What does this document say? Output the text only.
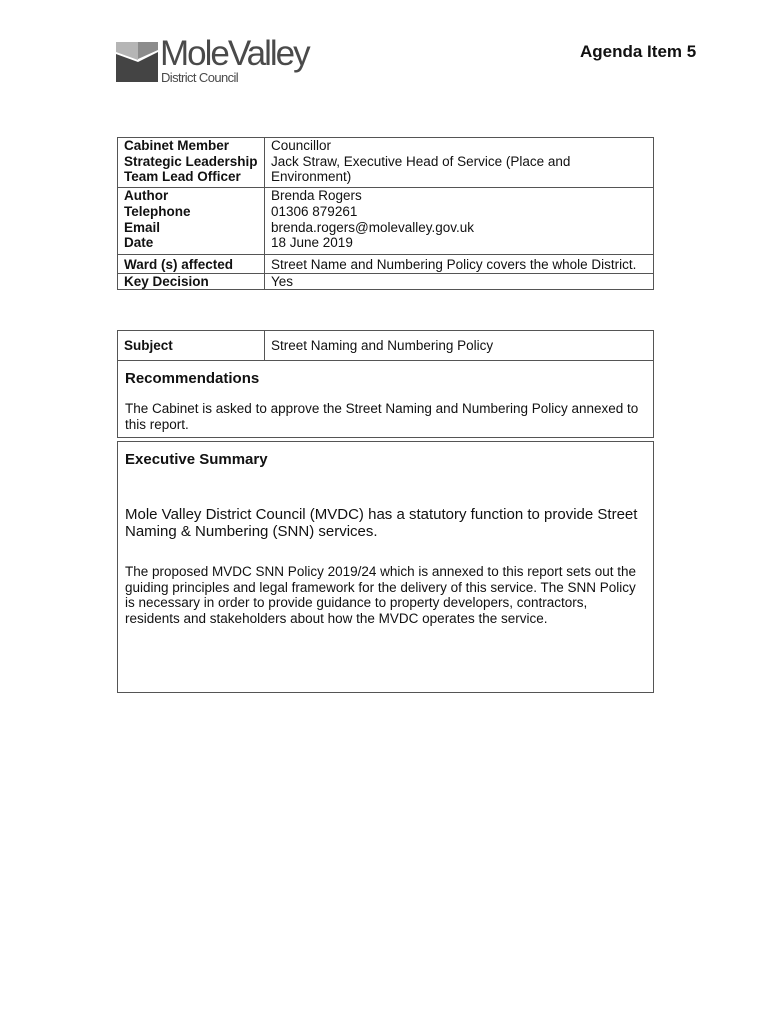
MoleValley
District Council
Agenda Item 5
Cabinet Member	Councillor
Strategic Leadership Team Lead Officer	Jack Straw, Executive Head of Service (Place and Environment)
Author	Brenda Rogers
Telephone	01306 879261
Email	brenda.rogers@molevalley.gov.uk
Date	18 June 2019
Ward (s) affected	Street Name and Numbering Policy covers the whole District.
Key Decision	Yes
Subject	Street Naming and Numbering Policy
Recommendations

The Cabinet is asked to approve the Street Naming and Numbering Policy annexed to this report.

Executive Summary

Mole Valley District Council (MVDC) has a statutory function to provide Street Naming & Numbering (SNN) services.

The proposed MVDC SNN Policy 2019/24 which is annexed to this report sets out the guiding principles and legal framework for the delivery of this service. The SNN Policy is necessary in order to provide guidance to property developers, contractors, residents and stakeholders about how the MVDC operates the service.
